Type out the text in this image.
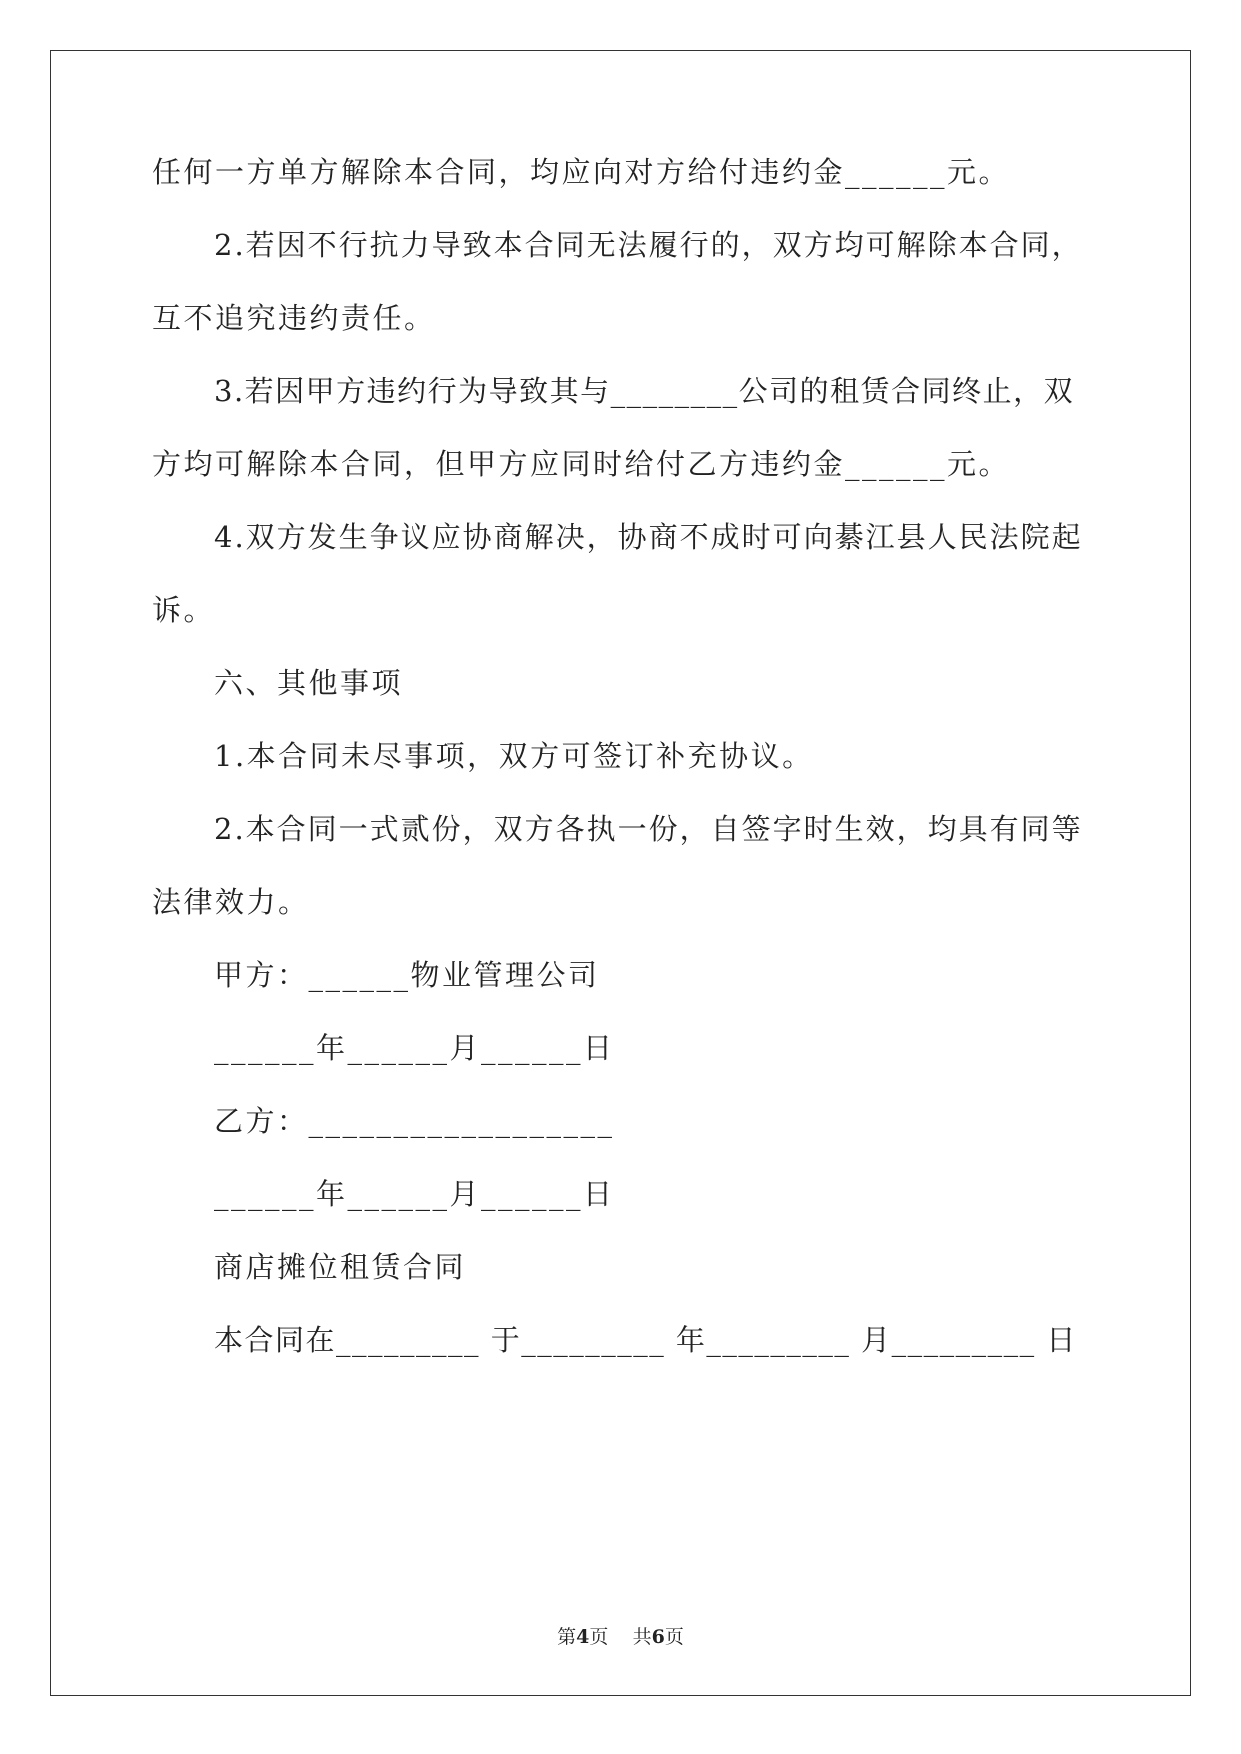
任何一方单方解除本合同，均应向对方给付违约金______元。
2.若因不行抗力导致本合同无法履行的，双方均可解除本合同，
互不追究违约责任。
3.若因甲方违约行为导致其与________公司的租赁合同终止，双
方均可解除本合同，但甲方应同时给付乙方违约金______元。
4.双方发生争议应协商解决，协商不成时可向綦江县人民法院起
诉。
六、其他事项
1.本合同未尽事项，双方可签订补充协议。
2.本合同一式贰份，双方各执一份，自签字时生效，均具有同等
法律效力。
甲方：______物业管理公司
______年______月______日
乙方：__________________
______年______月______日
商店摊位租赁合同
本合同在_________ 于_________ 年_________ 月_________ 日
第4页 共6页
